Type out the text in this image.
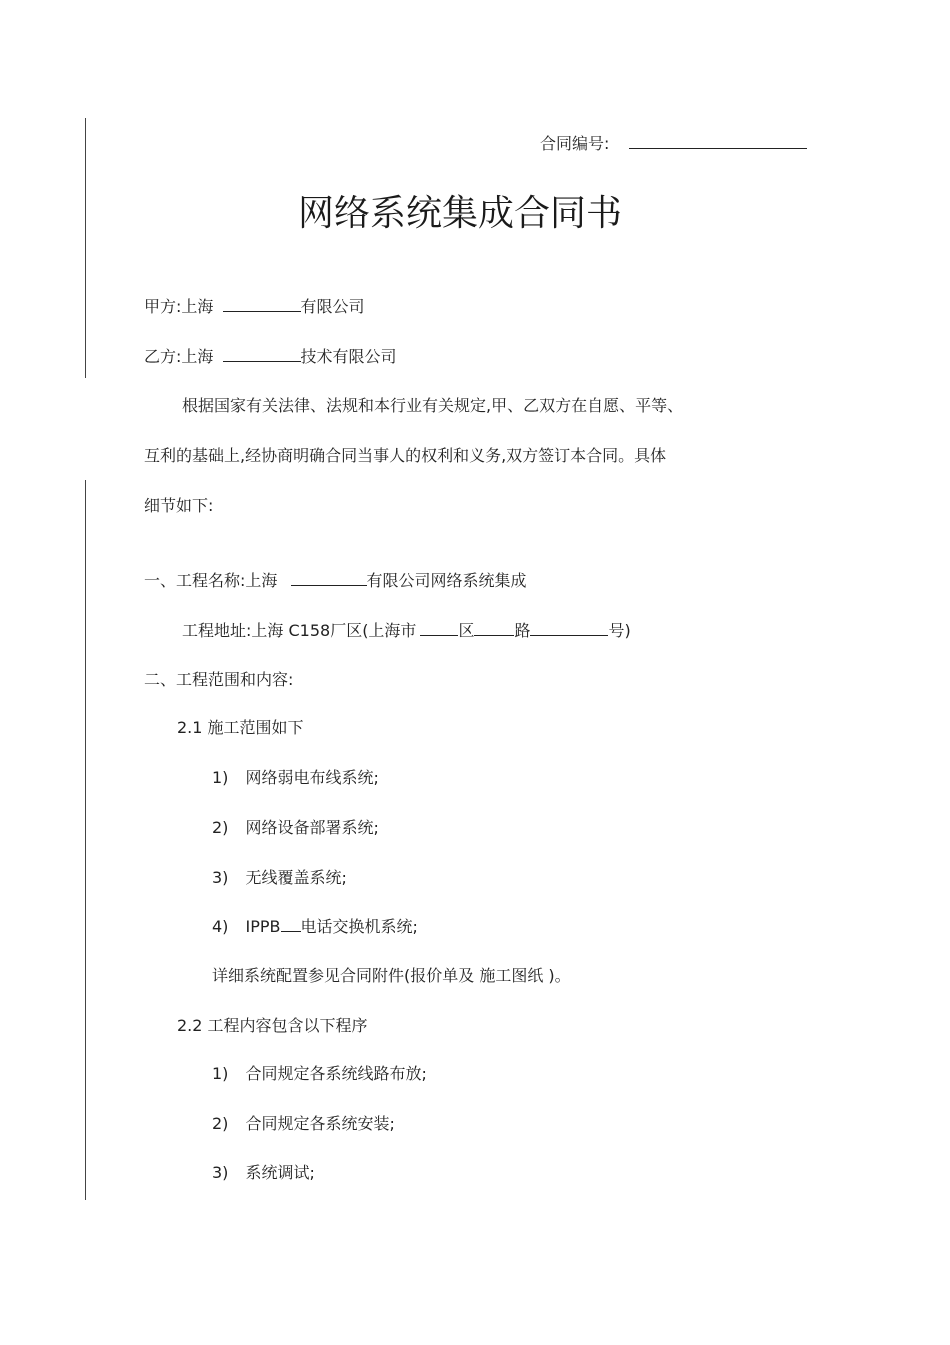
合同编号:
网络系统集成合同书
甲方:上海	有限公司
乙方:上海	技术有限公司
根据国家有关法律、法规和本行业有关规定,甲、乙双方在自愿、平等、
互利的基础上,经协商明确合同当事人的权利和义务,双方签订本合同。具体
细节如下:
一、工程名称:上海	有限公司网络系统集成
工程地址:上海 C158厂区(上海市	区	路	号)
二、工程范围和内容:
2.1 施工范围如下
1) 网络弱电布线系统;
2) 网络设备部署系统;
3) 无线覆盖系统;
4) IPPB 电话交换机系统;
详细系统配置参见合同附件(报价单及 施工图纸 )。
2.2 工程内容包含以下程序
1) 合同规定各系统线路布放;
2) 合同规定各系统安装;
3) 系统调试;
